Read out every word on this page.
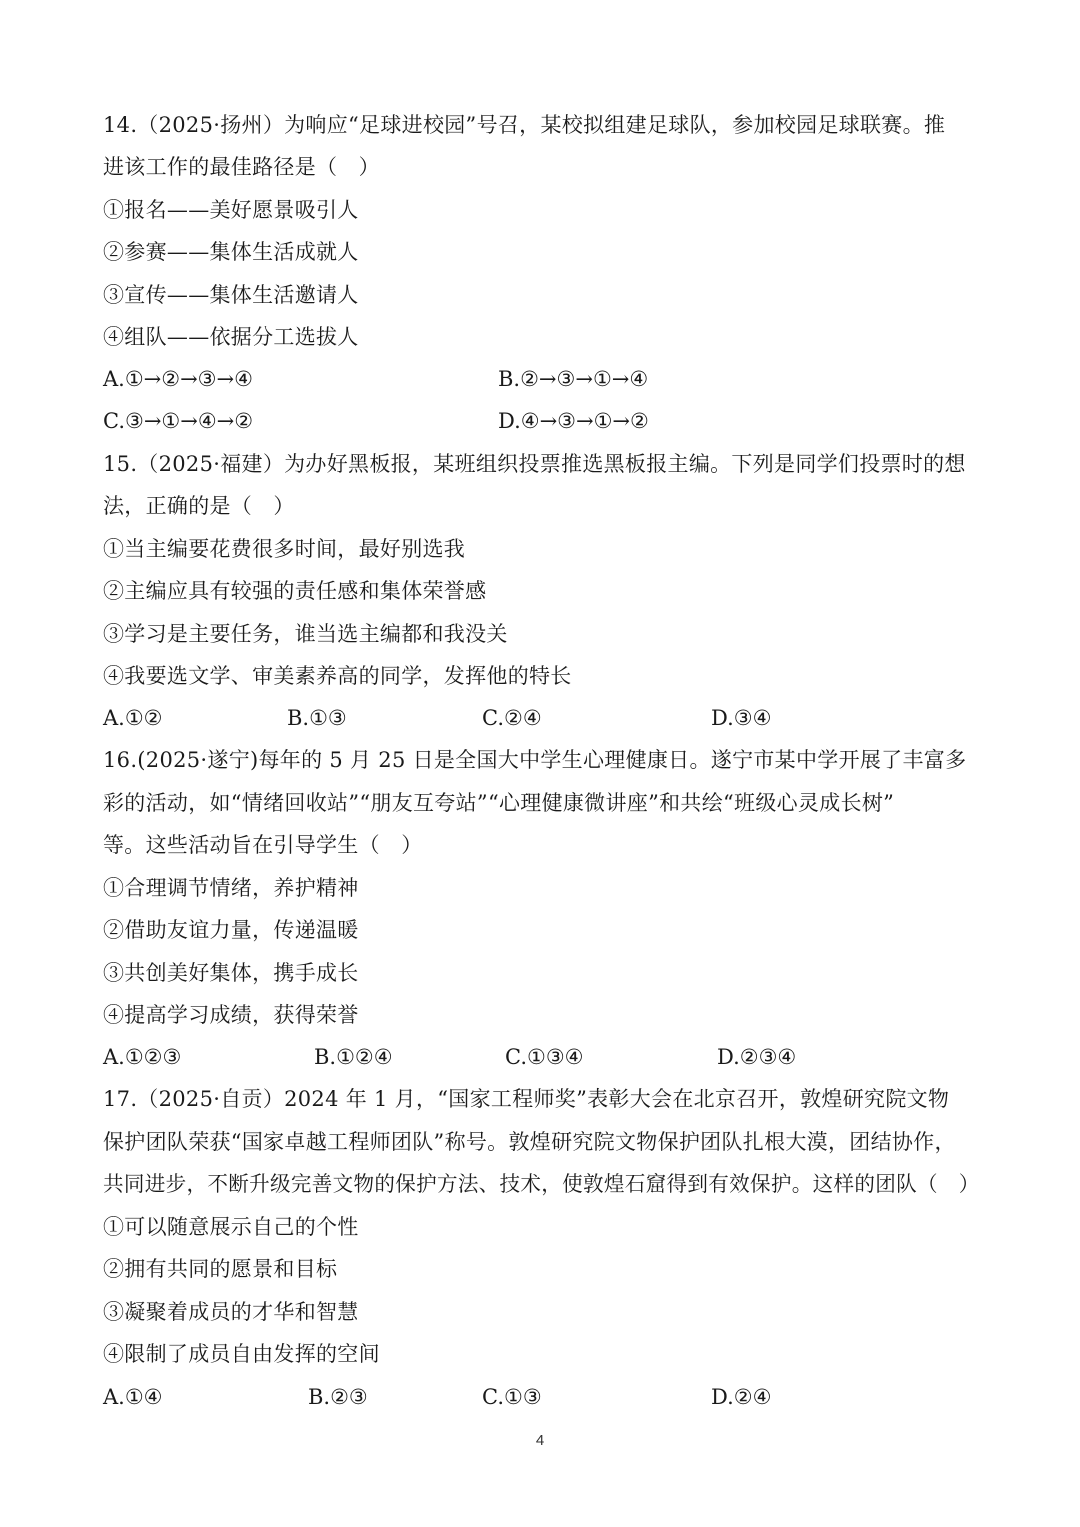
14.（2025·扬州）为响应“足球进校园”号召，某校拟组建足球队，参加校园足球联赛。推
进该工作的最佳路径是（　）
①报名——美好愿景吸引人
②参赛——集体生活成就人
③宣传——集体生活邀请人
④组队——依据分工选拔人
A.①→②→③→④	B.②→③→①→④
C.③→①→④→②	D.④→③→①→②
15.（2025·福建）为办好黑板报，某班组织投票推选黑板报主编。下列是同学们投票时的想
法，正确的是（　）
①当主编要花费很多时间，最好别选我
②主编应具有较强的责任感和集体荣誉感
③学习是主要任务，谁当选主编都和我没关
④我要选文学、审美素养高的同学，发挥他的特长
A.①②	B.①③	C.②④	D.③④
16.(2025·遂宁)每年的 5 月 25 日是全国大中学生心理健康日。遂宁市某中学开展了丰富多
彩的活动，如“情绪回收站”“朋友互夸站”“心理健康微讲座”和共绘“班级心灵成长树”
等。这些活动旨在引导学生（　）
①合理调节情绪，养护精神
②借助友谊力量，传递温暖
③共创美好集体，携手成长
④提高学习成绩，获得荣誉
A.①②③	B.①②④	C.①③④	D.②③④
17.（2025·自贡）2024 年 1 月，“国家工程师奖”表彰大会在北京召开，敦煌研究院文物
保护团队荣获“国家卓越工程师团队”称号。敦煌研究院文物保护团队扎根大漠，团结协作，
共同进步，不断升级完善文物的保护方法、技术，使敦煌石窟得到有效保护。这样的团队（　）
①可以随意展示自己的个性
②拥有共同的愿景和目标
③凝聚着成员的才华和智慧
④限制了成员自由发挥的空间
A.①④	B.②③	C.①③	D.②④
4
